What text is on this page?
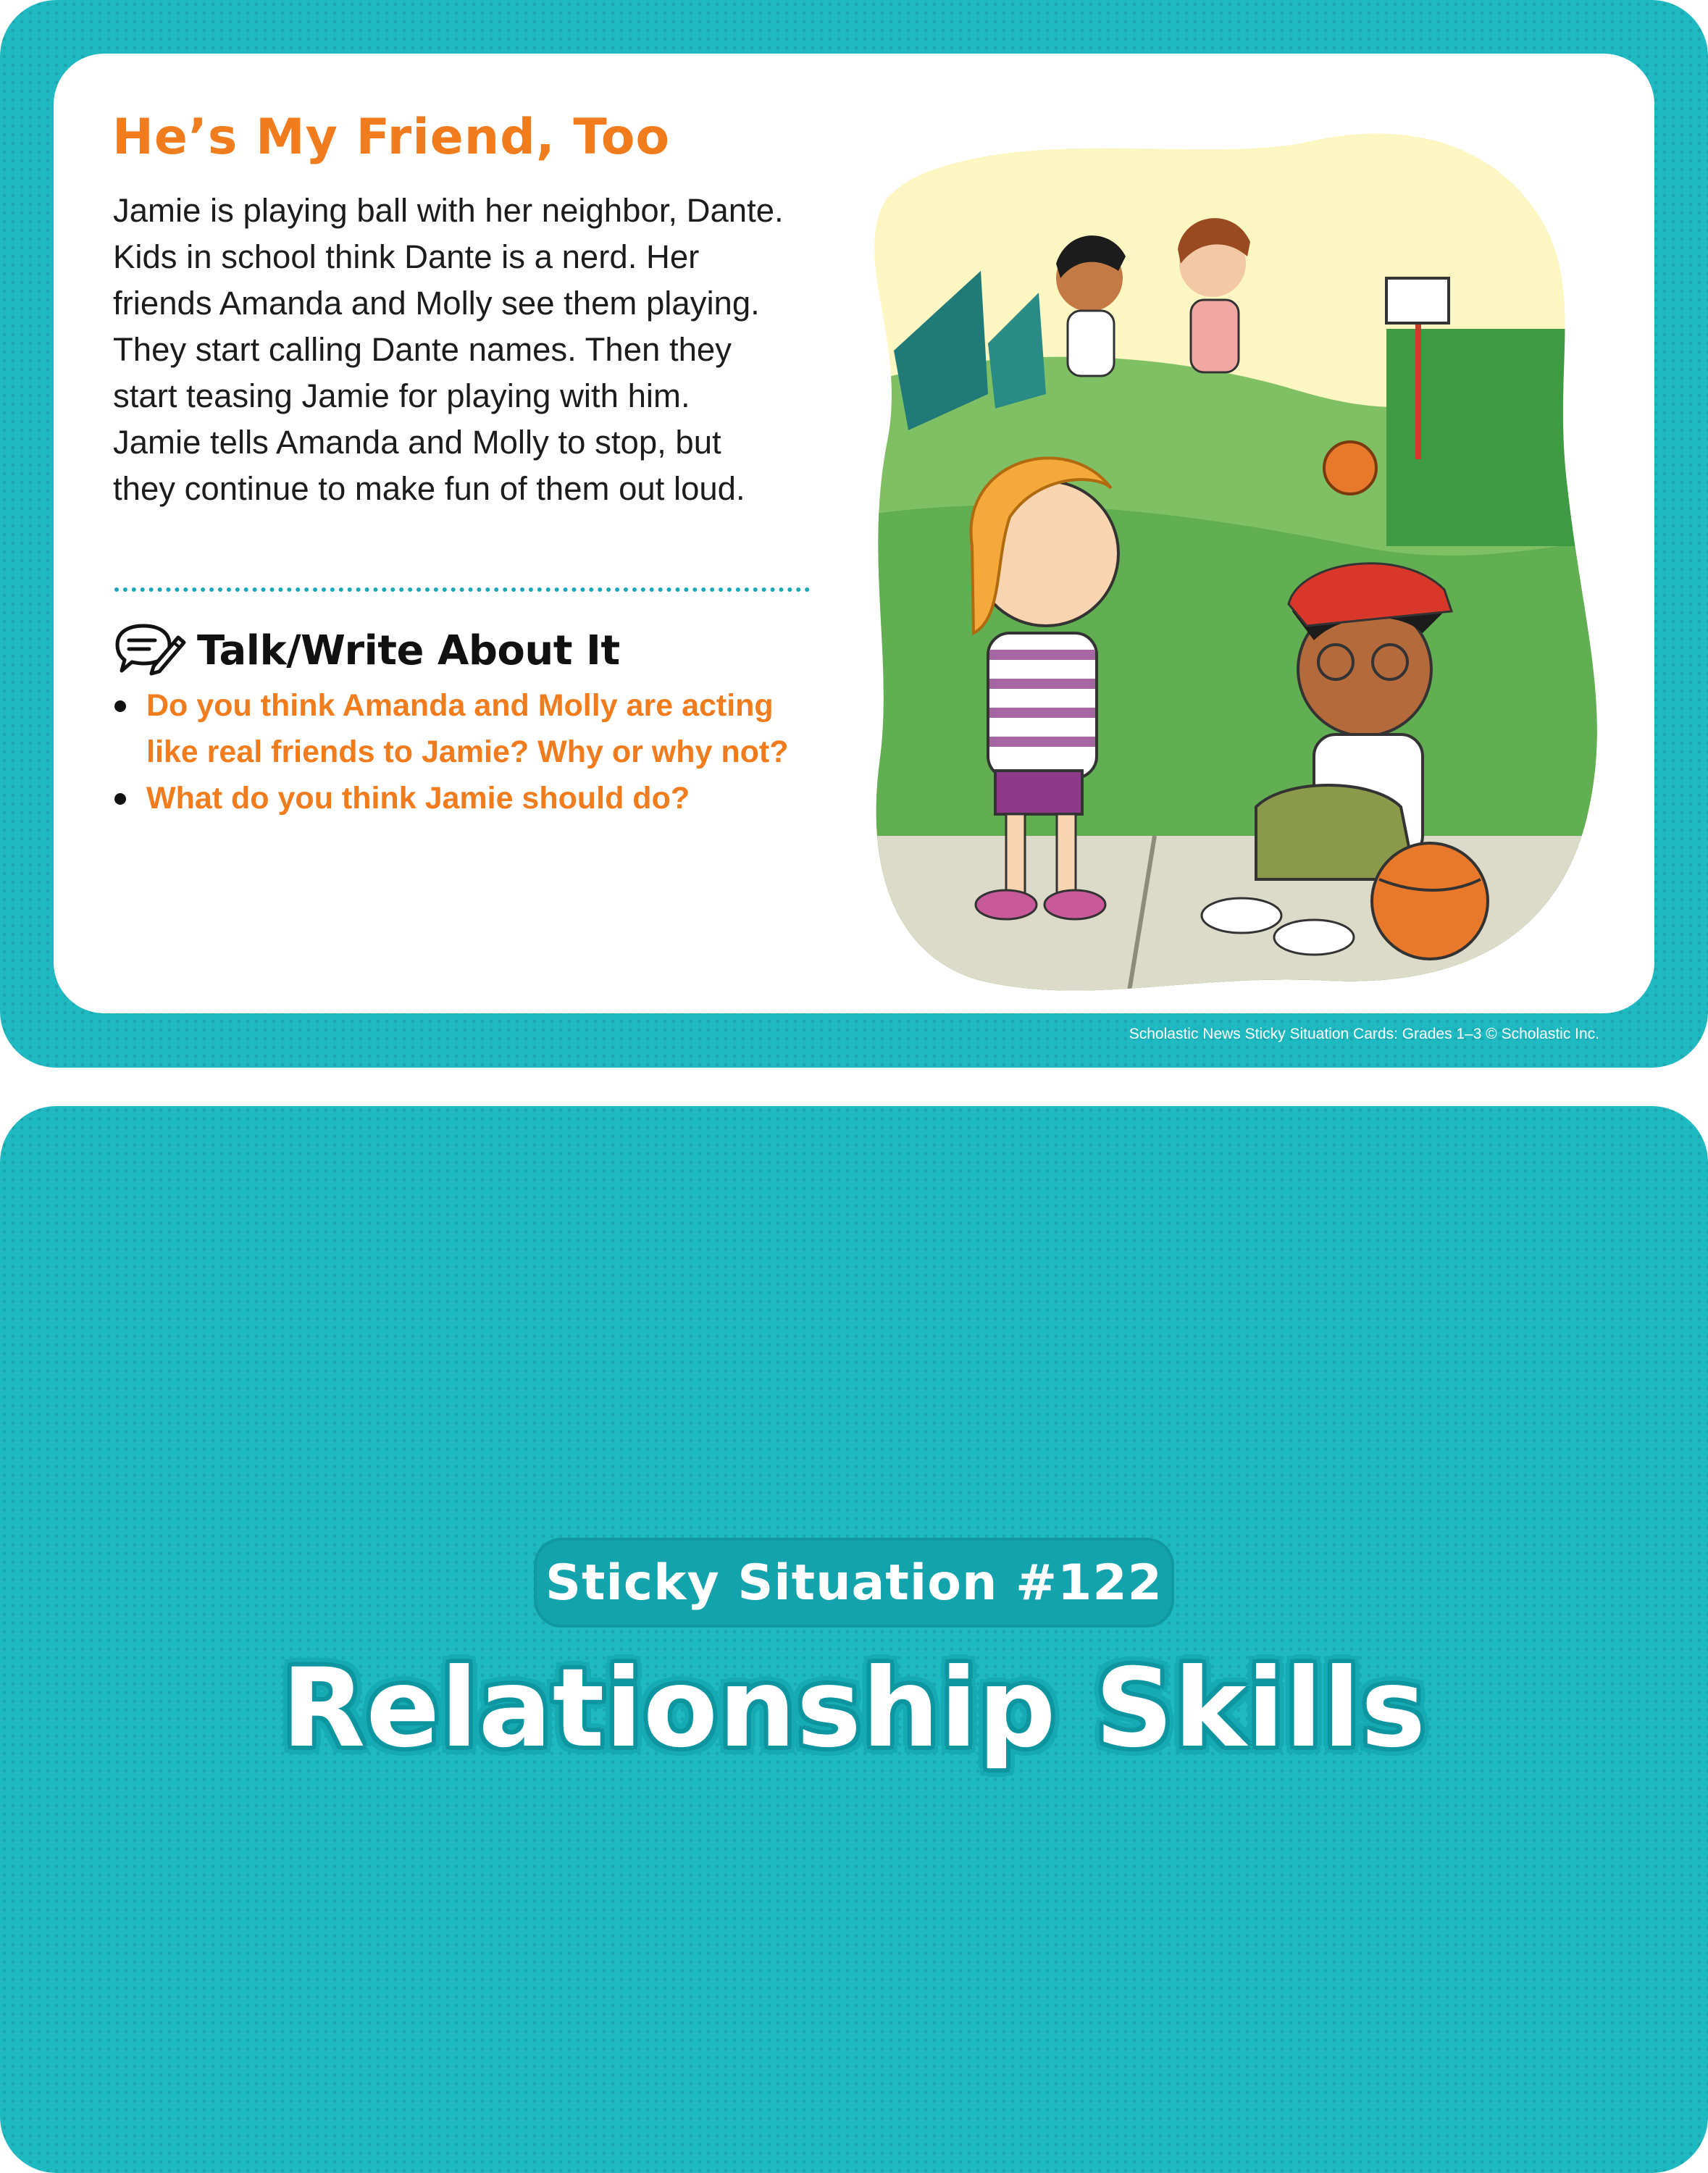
He’s My Friend, Too

Jamie is playing ball with her neighbor, Dante. Kids in school think Dante is a nerd. Her friends Amanda and Molly see them playing. They start calling Dante names. Then they start teasing Jamie for playing with him. Jamie tells Amanda and Molly to stop, but they continue to make fun of them out loud.

Talk/Write About It
Do you think Amanda and Molly are acting like real friends to Jamie? Why or why not?
What do you think Jamie should do?
Scholastic News Sticky Situation Cards: Grades 1–3 © Scholastic Inc.
Sticky Situation #122
Relationship Skills
